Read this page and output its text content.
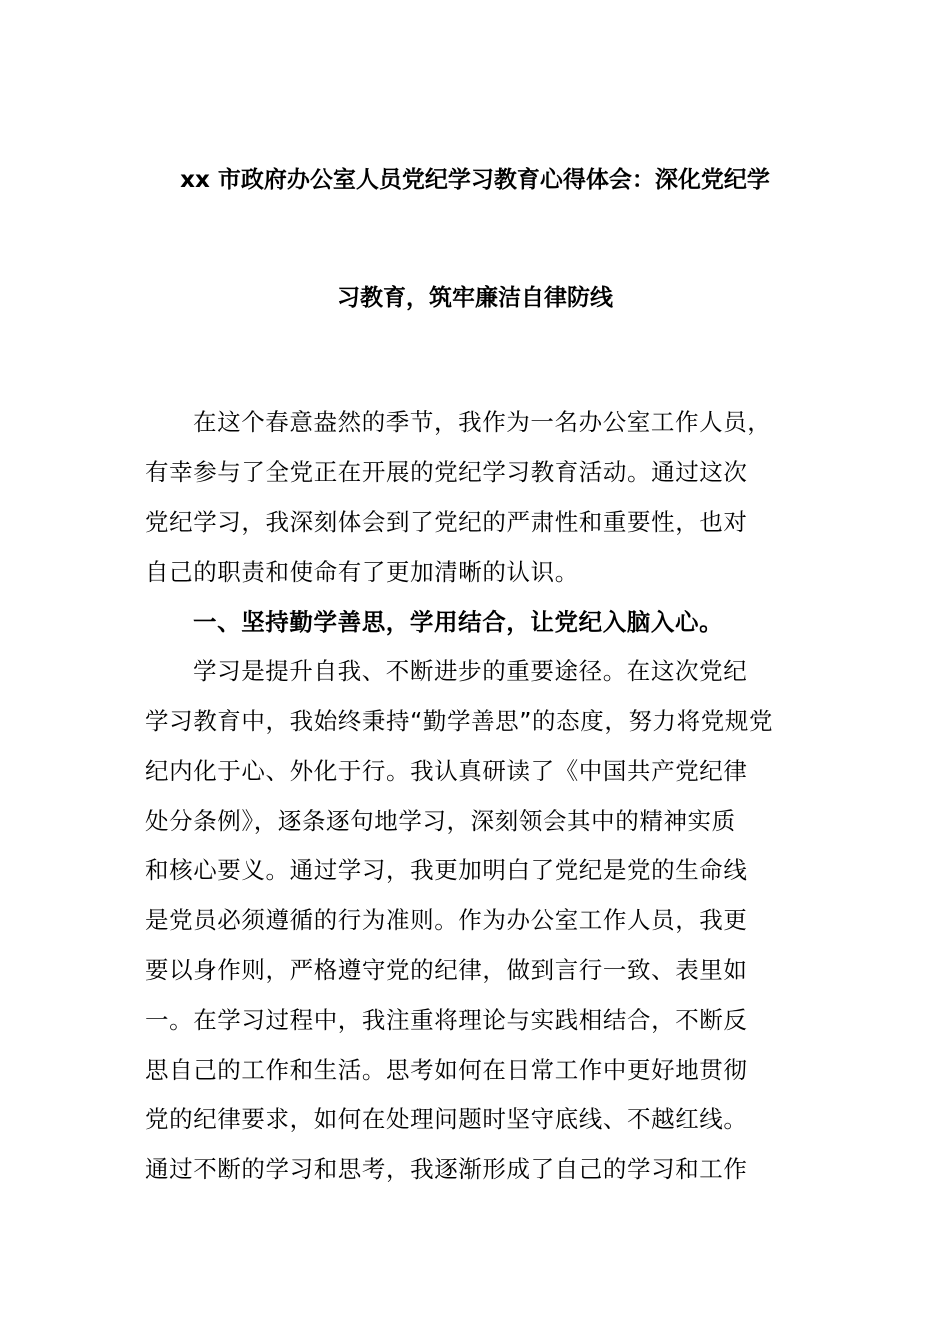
xx 市政府办公室人员党纪学习教育心得体会：深化党纪学
习教育，筑牢廉洁自律防线
在这个春意盎然的季节，我作为一名办公室工作人员，
有幸参与了全党正在开展的党纪学习教育活动。通过这次
党纪学习，我深刻体会到了党纪的严肃性和重要性，也对
自己的职责和使命有了更加清晰的认识。
一、坚持勤学善思，学用结合，让党纪入脑入心。
学习是提升自我、不断进步的重要途径。在这次党纪
学习教育中，我始终秉持“勤学善思”的态度，努力将党规党
纪内化于心、外化于行。我认真研读了《中国共产党纪律
处分条例》，逐条逐句地学习，深刻领会其中的精神实质
和核心要义。通过学习，我更加明白了党纪是党的生命线
是党员必须遵循的行为准则。作为办公室工作人员，我更
要以身作则，严格遵守党的纪律，做到言行一致、表里如
一。在学习过程中，我注重将理论与实践相结合，不断反
思自己的工作和生活。思考如何在日常工作中更好地贯彻
党的纪律要求，如何在处理问题时坚守底线、不越红线。
通过不断的学习和思考，我逐渐形成了自己的学习和工作
